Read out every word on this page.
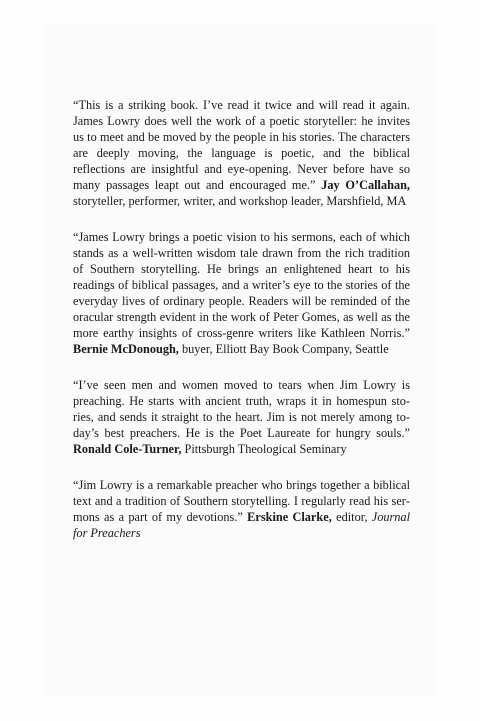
“This is a striking book. I’ve read it twice and will read it again. James Lowry does well the work of a poetic storyteller: he invites us to meet and be moved by the people in his stories. The characters are deeply moving, the language is poetic, and the biblical reflections are insightful and eye-opening. Never before have so many passages leapt out and encouraged me.” Jay O’Callahan, storyteller, performer, writer, and workshop leader, Marshfield, MA

“James Lowry brings a poetic vision to his sermons, each of which stands as a well-written wisdom tale drawn from the rich tradition of Southern storytelling. He brings an enlightened heart to his readings of biblical passages, and a writer’s eye to the stories of the everyday lives of ordinary people. Readers will be reminded of the oracular strength evident in the work of Peter Gomes, as well as the more earthy insights of cross-genre writers like Kathleen Norris.” Bernie McDonough, buyer, Elliott Bay Book Company, Seattle

“I’ve seen men and women moved to tears when Jim Lowry is preaching. He starts with ancient truth, wraps it in homespun stories, and sends it straight to the heart. Jim is not merely among today’s best preachers. He is the Poet Laureate for hungry souls.” Ronald Cole-Turner, Pittsburgh Theological Seminary

“Jim Lowry is a remarkable preacher who brings together a biblical text and a tradition of Southern storytelling. I regularly read his sermons as a part of my devotions.” Erskine Clarke, editor, Journal for Preachers
